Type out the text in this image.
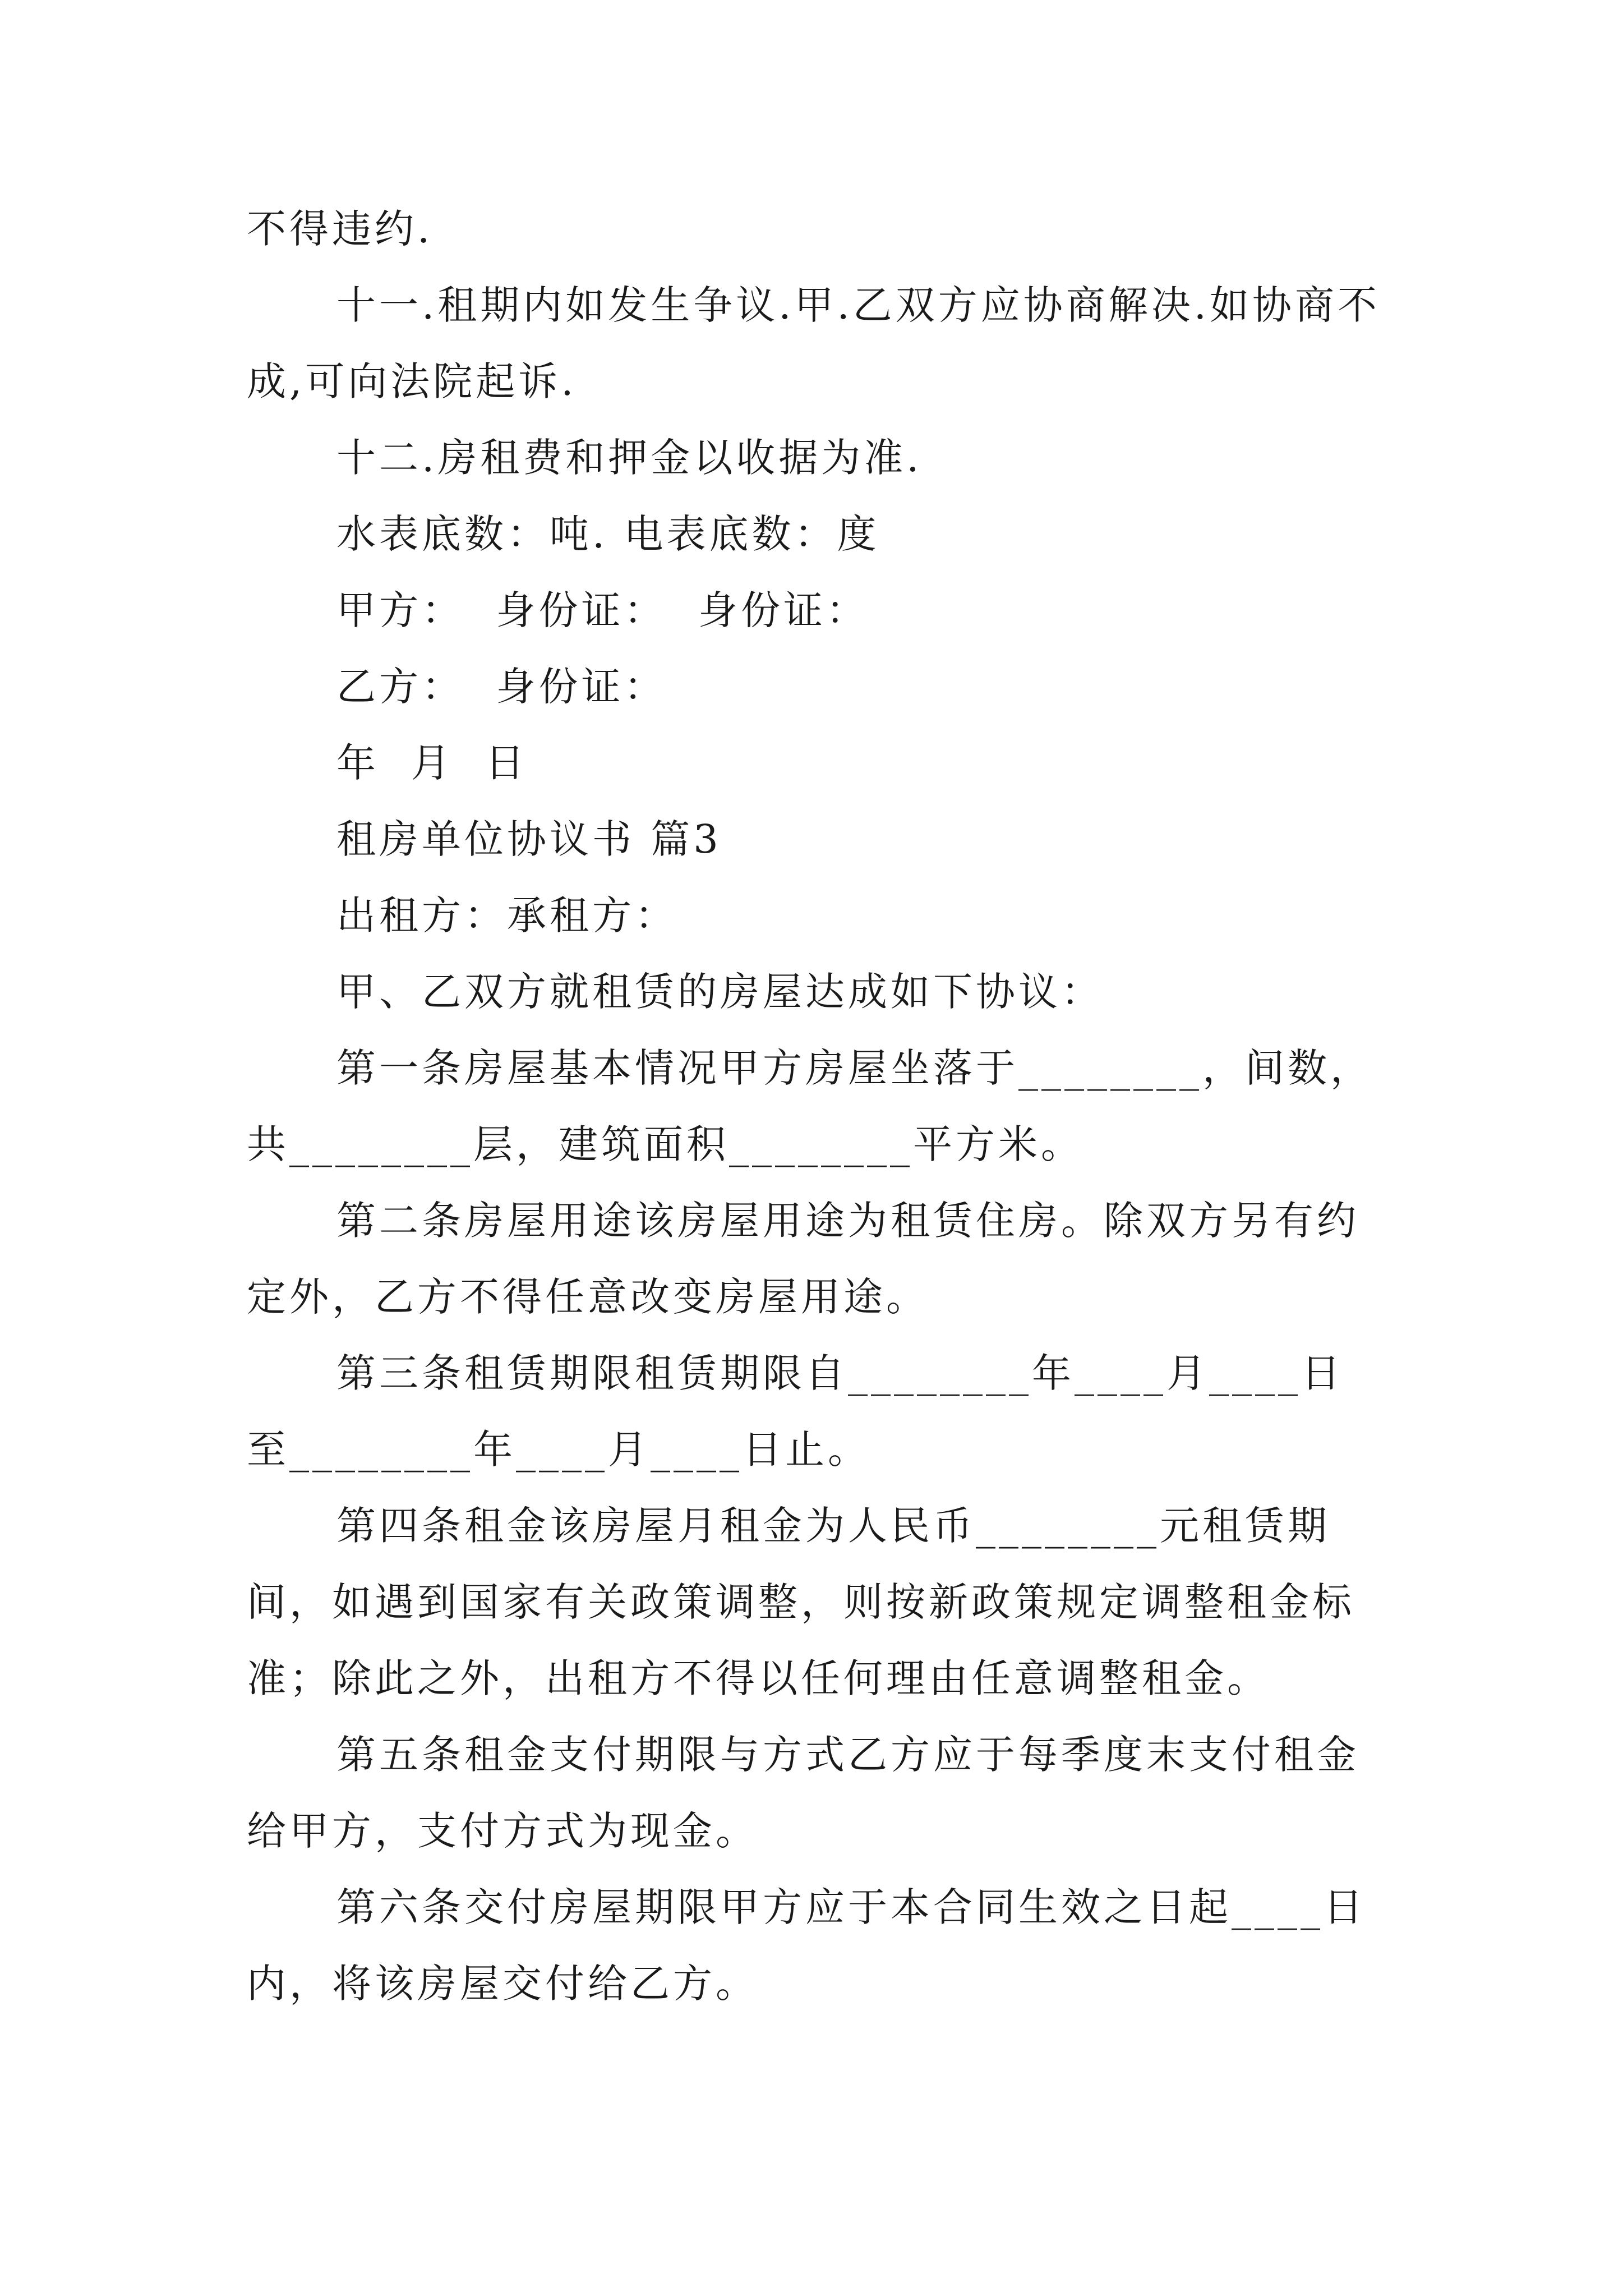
不得违约.

十一.租期内如发生争议.甲.乙双方应协商解决.如协商不成,可向法院起诉.

十二.房租费和押金以收据为准.

水表底数：吨. 电表底数：度

甲方：  身份证：  身份证：

乙方：  身份证：

年  月  日

租房单位协议书 篇3

出租方：承租方：

甲、乙双方就租赁的房屋达成如下协议：

第一条房屋基本情况甲方房屋坐落于________，间数，共________层，建筑面积________平方米。

第二条房屋用途该房屋用途为租赁住房。除双方另有约定外，乙方不得任意改变房屋用途。

第三条租赁期限租赁期限自________年____月____日至________年____月____日止。

第四条租金该房屋月租金为人民币________元租赁期间，如遇到国家有关政策调整，则按新政策规定调整租金标准；除此之外，出租方不得以任何理由任意调整租金。

第五条租金支付期限与方式乙方应于每季度末支付租金给甲方，支付方式为现金。

第六条交付房屋期限甲方应于本合同生效之日起____日内，将该房屋交付给乙方。
